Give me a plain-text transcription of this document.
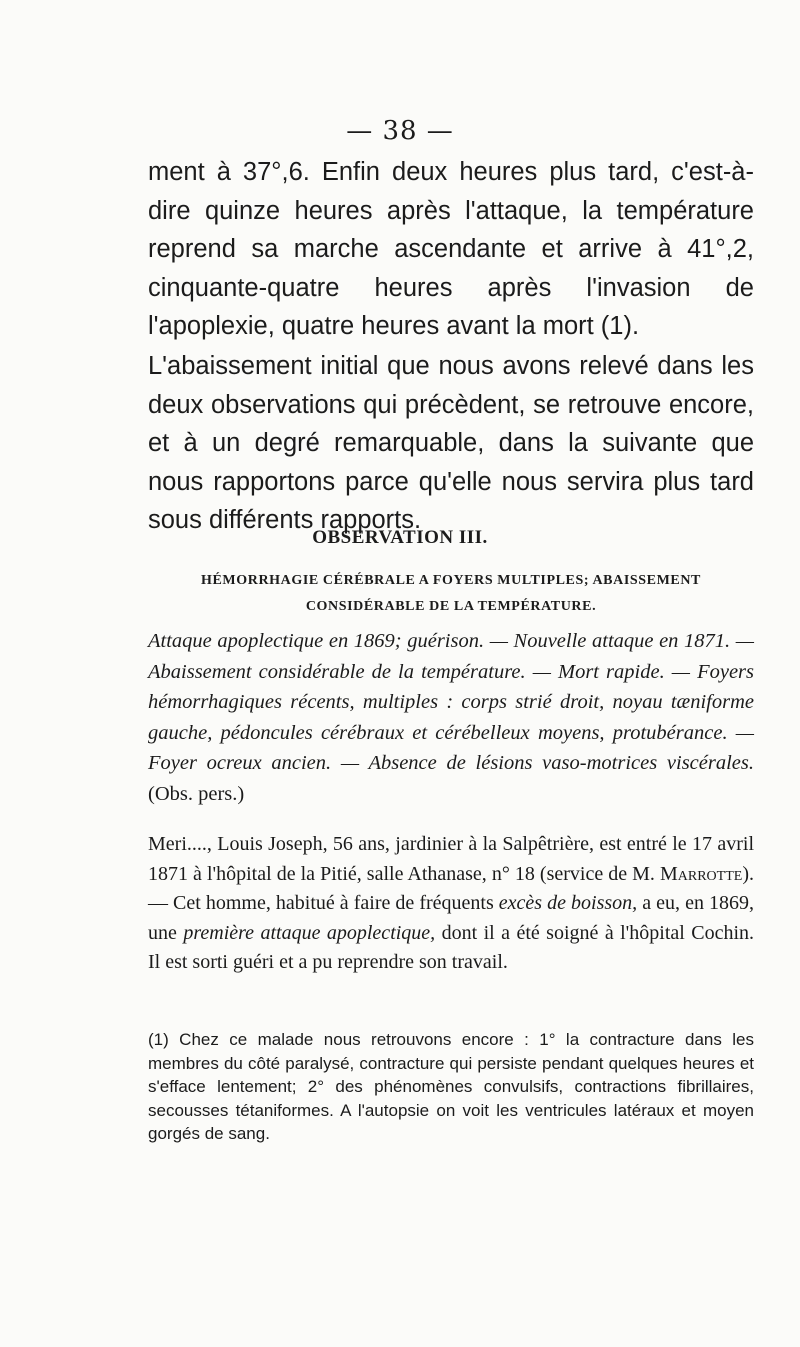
— 38 —

ment à 37°,6. Enfin deux heures plus tard, c'est-à-dire quinze heures après l'attaque, la température reprend sa marche ascendante et arrive à 41°,2, cinquante-quatre heures après l'invasion de l'apoplexie, quatre heures avant la mort (1).

L'abaissement initial que nous avons relevé dans les deux observations qui précèdent, se retrouve encore, et à un degré remarquable, dans la suivante que nous rapportons parce qu'elle nous servira plus tard sous différents rapports.

OBSERVATION III.
HÉMORRHAGIE CÉRÉBRALE A FOYERS MULTIPLES; ABAISSEMENT CONSIDÉRABLE DE LA TEMPÉRATURE.
Attaque apoplectique en 1869; guérison. — Nouvelle attaque en 1871. — Abaissement considérable de la température. — Mort rapide. — Foyers hémorrhagiques récents, multiples : corps strié droit, noyau tæniforme gauche, pédoncules cérébraux et cérébelleux moyens, protubérance. — Foyer ocreux ancien. — Absence de lésions vaso-motrices viscérales. (Obs. pers.)
Meri...., Louis Joseph, 56 ans, jardinier à la Salpêtrière, est entré le 17 avril 1871 à l'hôpital de la Pitié, salle Athanase, n° 18 (service de M. Marrotte). — Cet homme, habitué à faire de fréquents excès de boisson, a eu, en 1869, une première attaque apoplectique, dont il a été soigné à l'hôpital Cochin. Il est sorti guéri et a pu reprendre son travail.
(1) Chez ce malade nous retrouvons encore : 1° la contracture dans les membres du côté paralysé, contracture qui persiste pendant quelques heures et s'efface lentement; 2° des phénomènes convulsifs, contractions fibrillaires, secousses tétaniformes. A l'autopsie on voit les ventricules latéraux et moyen gorgés de sang.
